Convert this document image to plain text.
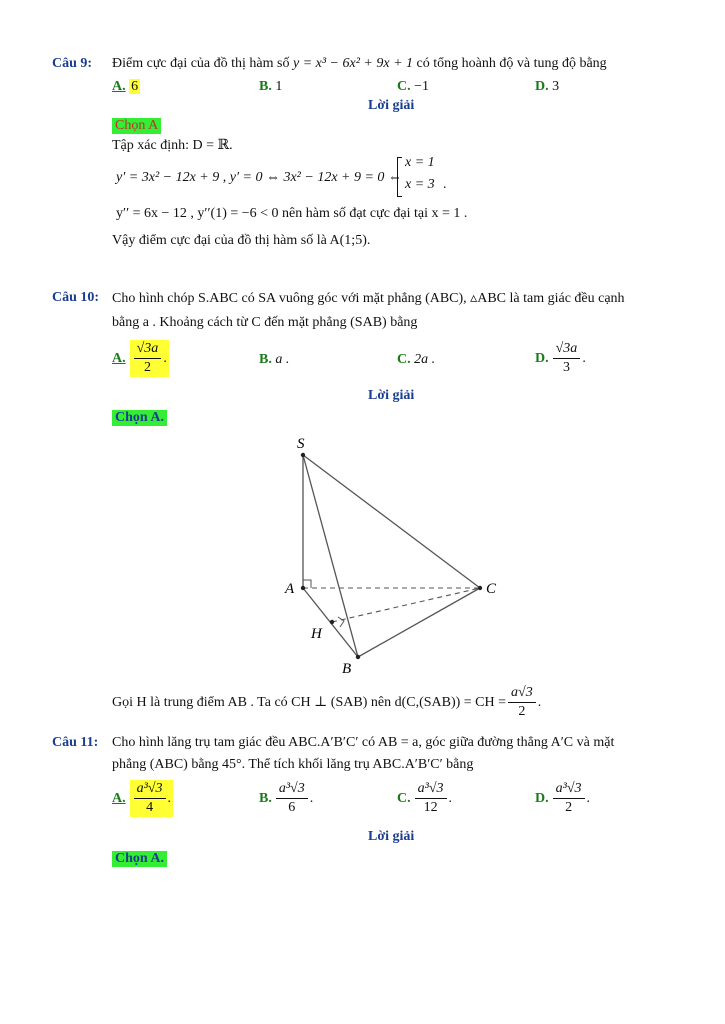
Câu 9: Điểm cực đại của đồ thị hàm số y = x³ − 6x² + 9x + 1 có tổng hoành độ và tung độ bằng
A. 6	B. 1	C. −1	D. 3
Lời giải
Chọn A
Tập xác định: D = ℝ.
y′ = 3x² − 12x + 9 , y′ = 0 ⇔ 3x² − 12x + 9 = 0 ⇔
x = 1
x = 3 .
y′′ = 6x − 12 , y′′(1) = −6 < 0 nên hàm số đạt cực đại tại x = 1 .
Vậy điểm cực đại của đồ thị hàm số là A(1;5).
Câu 10: Cho hình chóp S.ABC có SA vuông góc với mặt phẳng (ABC), ▵ABC là tam giác đều cạnh
bằng a . Khoảng cách từ C đến mặt phẳng (SAB) bằng
A. $\frac{√3a}{2}$ .	B. a .	C. 2a .	D. $\frac{√3a}{3}$ .
Lời giải
Chọn A.
S
A
B
C
H
Gọi H là trung điểm AB . Ta có CH ⊥ (SAB) nên d(C,(SAB)) = CH = $\frac{a√3}{2}$ .
Câu 11: Cho hình lăng trụ tam giác đều ABC.A′B′C′ có AB = a, góc giữa đường thẳng A′C và mặt
phẳng (ABC) bằng 45°. Thể tích khối lăng trụ ABC.A′B′C′ bằng
A. $\frac{\text{a³√3}}{4}$ .	B. $\frac{\text{a³√3}}{6}$ .	C. $\frac{\text{a³√3}}{12}$ .	D. $\frac{\text{a³√3}}{2}$ .
Lời giải
Chọn A.
